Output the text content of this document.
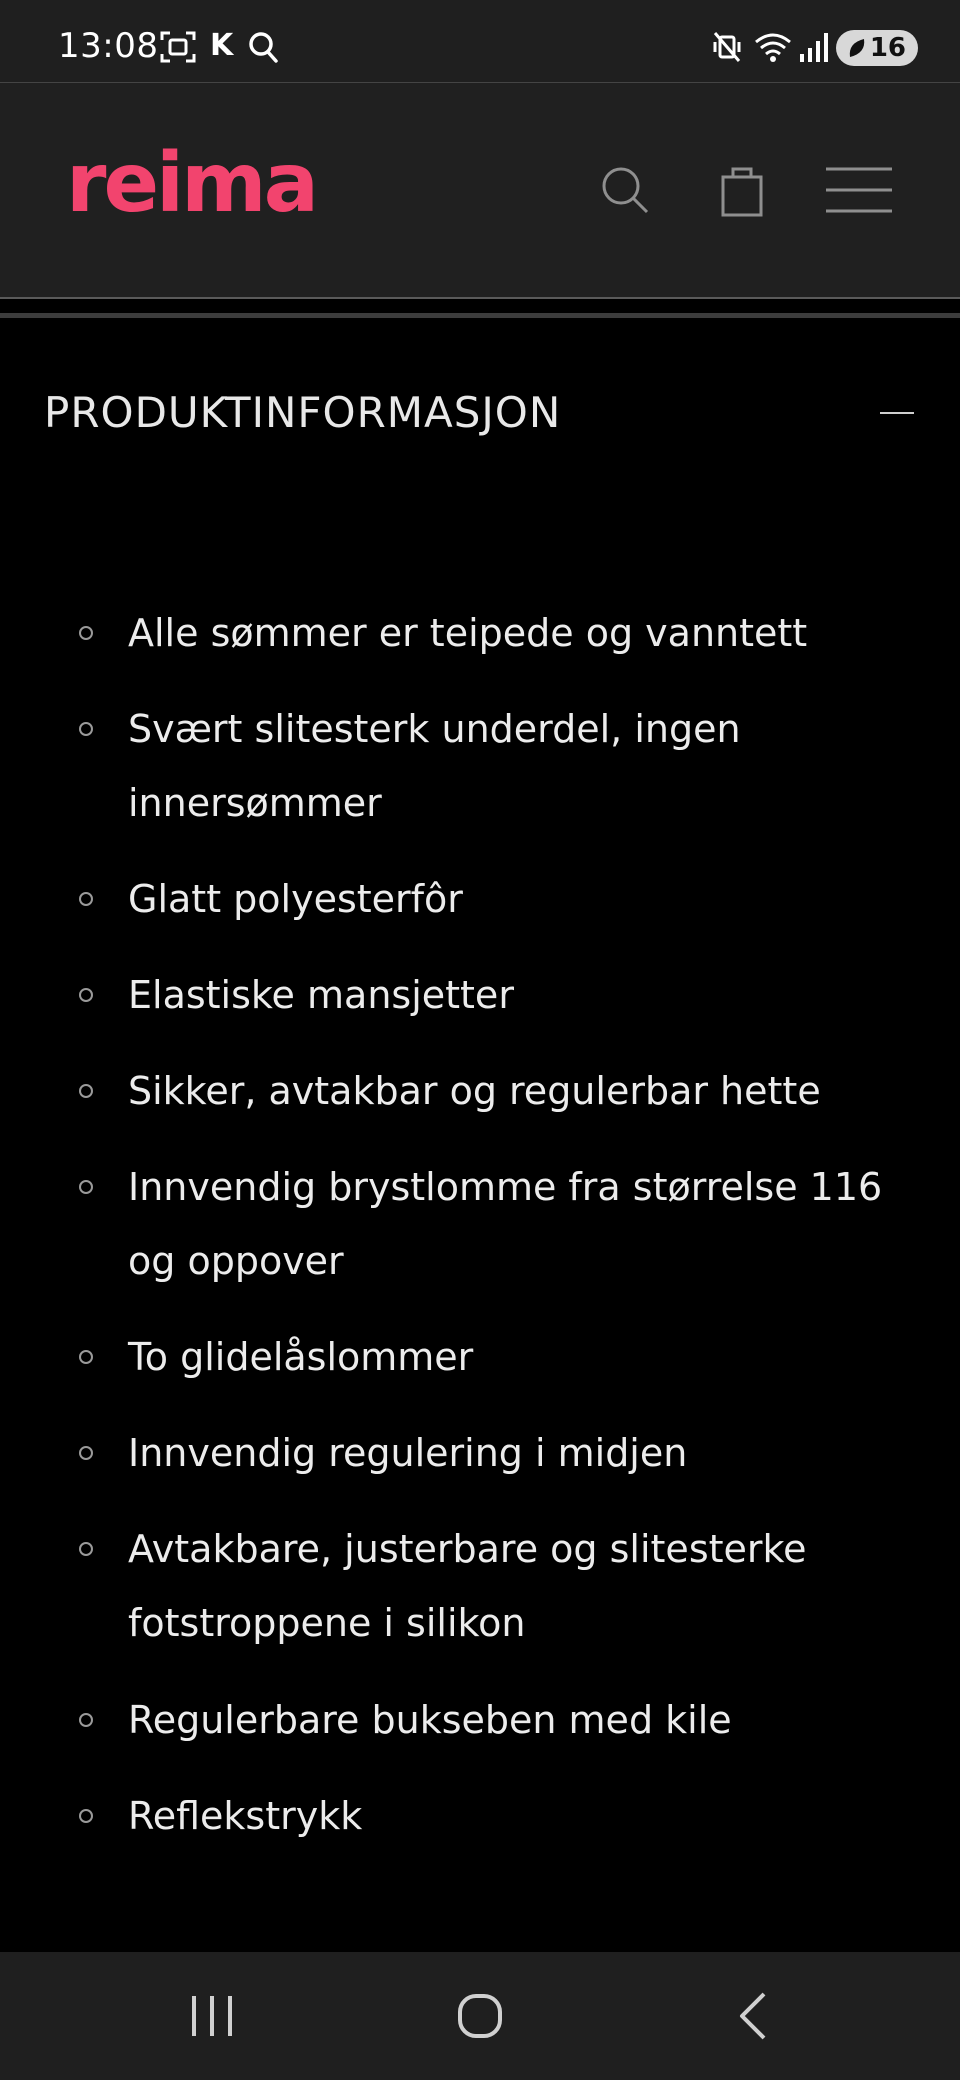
13:08 K	16
reima
PRODUKTINFORMASJON
Alle sømmer er teipede og vanntett
Svært slitesterk underdel, ingen innersømmer
Glatt polyesterfôr
Elastiske mansjetter
Sikker, avtakbar og regulerbar hette
Innvendig brystlomme fra størrelse 116 og oppover
To glidelåslommer
Innvendig regulering i midjen
Avtakbare, justerbare og slitesterke fotstroppene i silikon
Regulerbare bukseben med kile
Reflekstrykk
